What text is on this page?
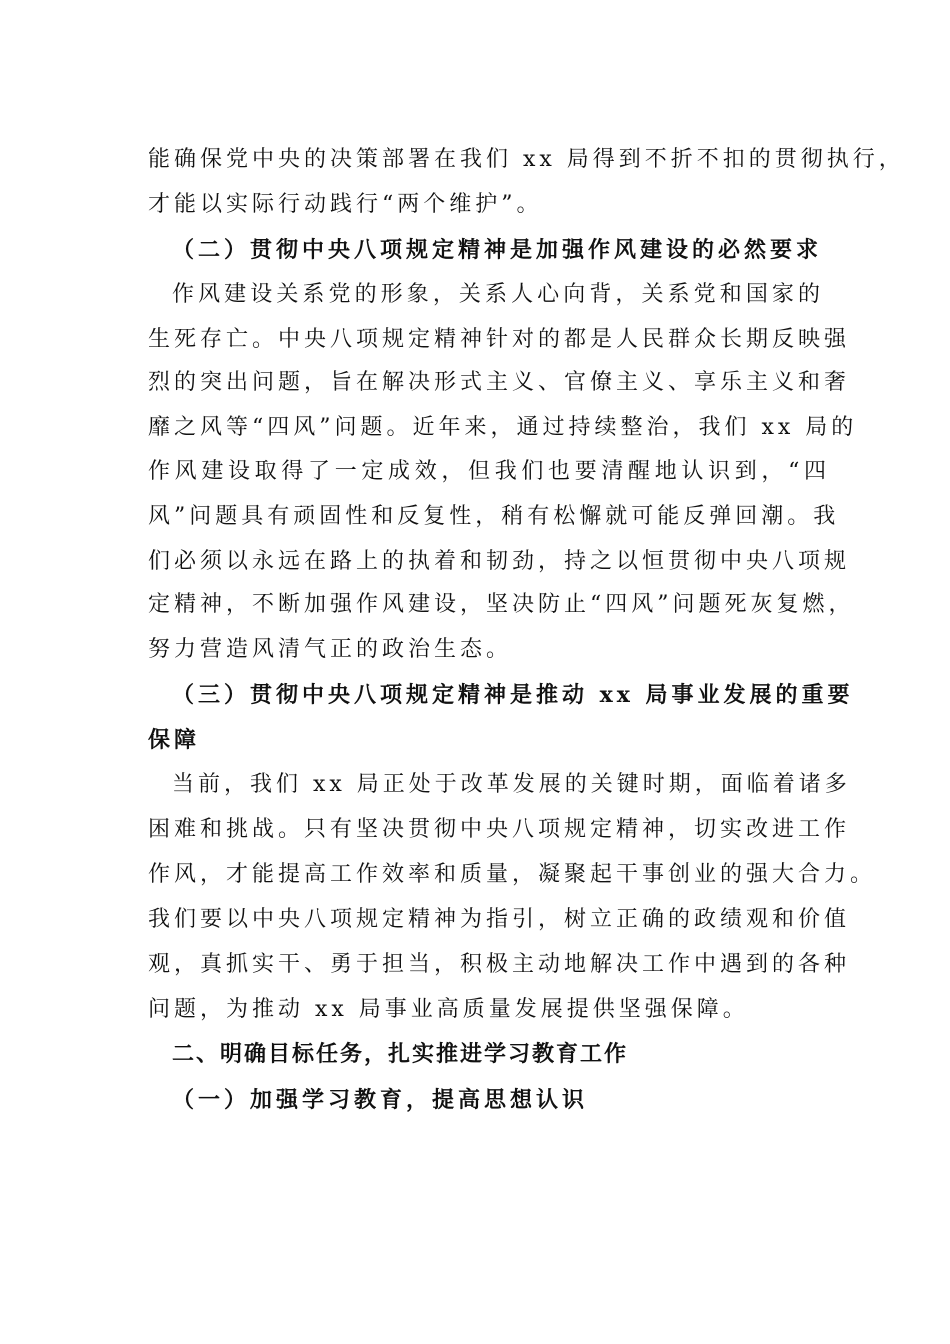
能确保党中央的决策部署在我们 xx 局得到不折不扣的贯彻执行，
才能以实际行动践行“两个维护”。
（二）贯彻中央八项规定精神是加强作风建设的必然要求
作风建设关系党的形象，关系人心向背，关系党和国家的
生死存亡。中央八项规定精神针对的都是人民群众长期反映强
烈的突出问题，旨在解决形式主义、官僚主义、享乐主义和奢
靡之风等“四风”问题。近年来，通过持续整治，我们 xx 局的
作风建设取得了一定成效，但我们也要清醒地认识到，“四
风”问题具有顽固性和反复性，稍有松懈就可能反弹回潮。我
们必须以永远在路上的执着和韧劲，持之以恒贯彻中央八项规
定精神，不断加强作风建设，坚决防止“四风”问题死灰复燃，
努力营造风清气正的政治生态。
（三）贯彻中央八项规定精神是推动 xx 局事业发展的重要
保障
当前，我们 xx 局正处于改革发展的关键时期，面临着诸多
困难和挑战。只有坚决贯彻中央八项规定精神，切实改进工作
作风，才能提高工作效率和质量，凝聚起干事创业的强大合力。
我们要以中央八项规定精神为指引，树立正确的政绩观和价值
观，真抓实干、勇于担当，积极主动地解决工作中遇到的各种
问题，为推动 xx 局事业高质量发展提供坚强保障。
二、明确目标任务，扎实推进学习教育工作
（一）加强学习教育，提高思想认识
